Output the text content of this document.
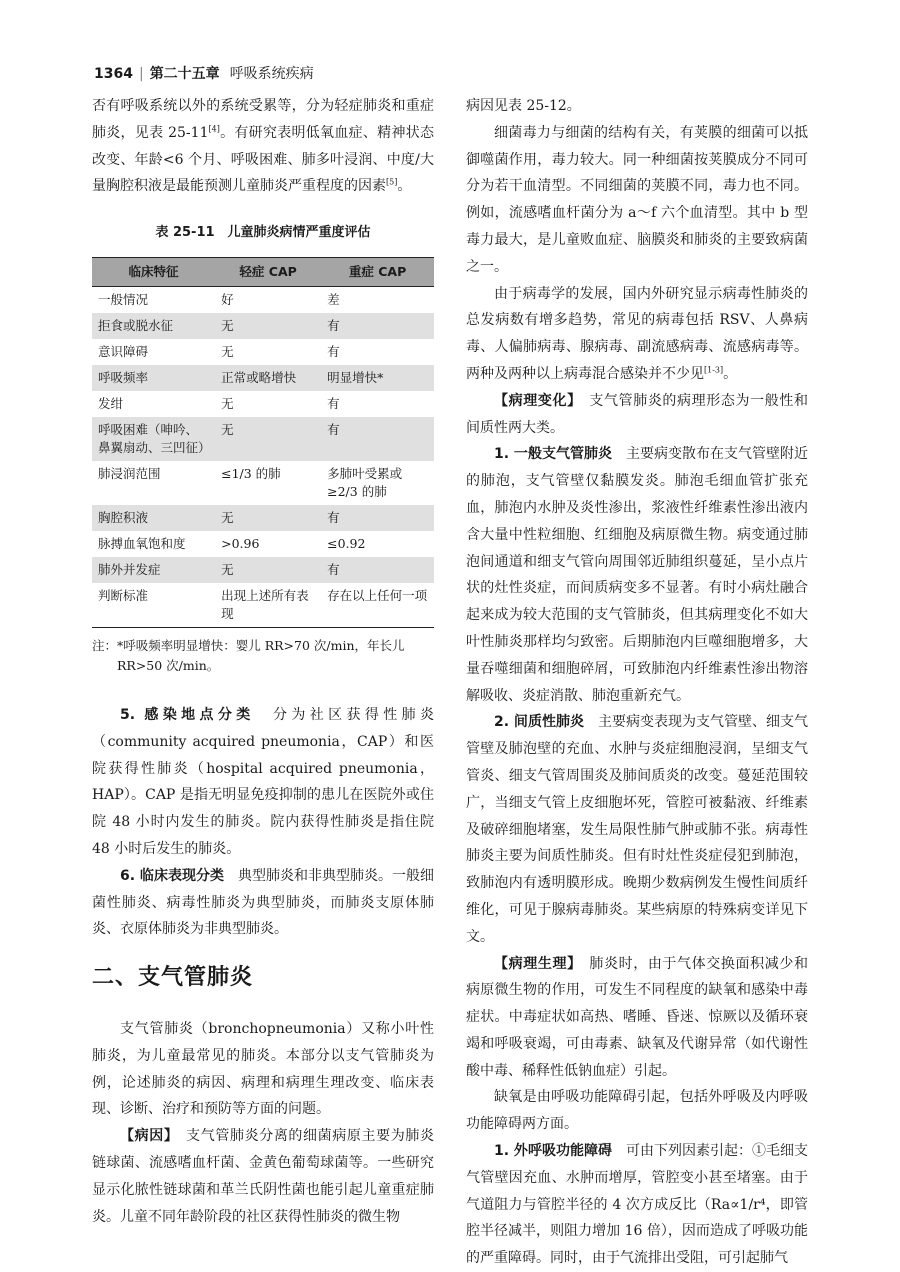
1364 | 第二十五章 呼吸系统疾病

否有呼吸系统以外的系统受累等，分为轻症肺炎和重症肺炎，见表 25-11[4]。有研究表明低氧血症、精神状态改变、年龄<6 个月、呼吸困难、肺多叶浸润、中度/大量胸腔积液是最能预测儿童肺炎严重程度的因素[5]。

表 25-11　儿童肺炎病情严重度评估
临床特征	轻症 CAP	重症 CAP
一般情况	好	差
拒食或脱水征	无	有
意识障碍	无	有
呼吸频率	正常或略增快	明显增快*
发绀	无	有
呼吸困难（呻吟、鼻翼扇动、三凹征）	无	有
肺浸润范围	≤1/3 的肺	多肺叶受累或≥2/3 的肺
胸腔积液	无	有
脉搏血氧饱和度	>0.96	≤0.92
肺外并发症	无	有
判断标准	出现上述所有表现	存在以上任何一项
注：*呼吸频率明显增快：婴儿 RR>70 次/min，年长儿
RR>50 次/min。

5. 感染地点分类　分为社区获得性肺炎（community acquired pneumonia，CAP）和医院获得性肺炎（hospital acquired pneumonia，HAP）。CAP 是指无明显免疫抑制的患儿在医院外或住院 48 小时内发生的肺炎。院内获得性肺炎是指住院 48 小时后发生的肺炎。

6. 临床表现分类　典型肺炎和非典型肺炎。一般细菌性肺炎、病毒性肺炎为典型肺炎，而肺炎支原体肺炎、衣原体肺炎为非典型肺炎。

二、支气管肺炎

支气管肺炎（bronchopneumonia）又称小叶性肺炎，为儿童最常见的肺炎。本部分以支气管肺炎为例，论述肺炎的病因、病理和病理生理改变、临床表现、诊断、治疗和预防等方面的问题。

【病因】　支气管肺炎分离的细菌病原主要为肺炎链球菌、流感嗜血杆菌、金黄色葡萄球菌等。一些研究显示化脓性链球菌和革兰氏阴性菌也能引起儿童重症肺炎。儿童不同年龄阶段的社区获得性肺炎的微生物

病因见表 25-12。

细菌毒力与细菌的结构有关，有荚膜的细菌可以抵御噬菌作用，毒力较大。同一种细菌按荚膜成分不同可分为若干血清型。不同细菌的荚膜不同，毒力也不同。例如，流感嗜血杆菌分为 a～f 六个血清型。其中 b 型毒力最大，是儿童败血症、脑膜炎和肺炎的主要致病菌之一。

由于病毒学的发展，国内外研究显示病毒性肺炎的总发病数有增多趋势，常见的病毒包括 RSV、人鼻病毒、人偏肺病毒、腺病毒、副流感病毒、流感病毒等。两种及两种以上病毒混合感染并不少见[1-3]。

【病理变化】　支气管肺炎的病理形态为一般性和间质性两大类。

1. 一般支气管肺炎　主要病变散布在支气管壁附近的肺泡，支气管壁仅黏膜发炎。肺泡毛细血管扩张充血，肺泡内水肿及炎性渗出，浆液性纤维素性渗出液内含大量中性粒细胞、红细胞及病原微生物。病变通过肺泡间通道和细支气管向周围邻近肺组织蔓延，呈小点片状的灶性炎症，而间质病变多不显著。有时小病灶融合起来成为较大范围的支气管肺炎，但其病理变化不如大叶性肺炎那样均匀致密。后期肺泡内巨噬细胞增多，大量吞噬细菌和细胞碎屑，可致肺泡内纤维素性渗出物溶解吸收、炎症消散、肺泡重新充气。

2. 间质性肺炎　主要病变表现为支气管壁、细支气管壁及肺泡壁的充血、水肿与炎症细胞浸润，呈细支气管炎、细支气管周围炎及肺间质炎的改变。蔓延范围较广，当细支气管上皮细胞坏死，管腔可被黏液、纤维素及破碎细胞堵塞，发生局限性肺气肿或肺不张。病毒性肺炎主要为间质性肺炎。但有时灶性炎症侵犯到肺泡，致肺泡内有透明膜形成。晚期少数病例发生慢性间质纤维化，可见于腺病毒肺炎。某些病原的特殊病变详见下文。

【病理生理】　肺炎时，由于气体交换面积减少和病原微生物的作用，可发生不同程度的缺氧和感染中毒症状。中毒症状如高热、嗜睡、昏迷、惊厥以及循环衰竭和呼吸衰竭，可由毒素、缺氧及代谢异常（如代谢性酸中毒、稀释性低钠血症）引起。

缺氧是由呼吸功能障碍引起，包括外呼吸及内呼吸功能障碍两方面。

1. 外呼吸功能障碍　可由下列因素引起：①毛细支气管壁因充血、水肿而增厚，管腔变小甚至堵塞。由于气道阻力与管腔半径的 4 次方成反比（Ra∝1/r⁴，即管腔半径减半，则阻力增加 16 倍），因而造成了呼吸功能的严重障碍。同时，由于气流排出受阻，可引起肺气
